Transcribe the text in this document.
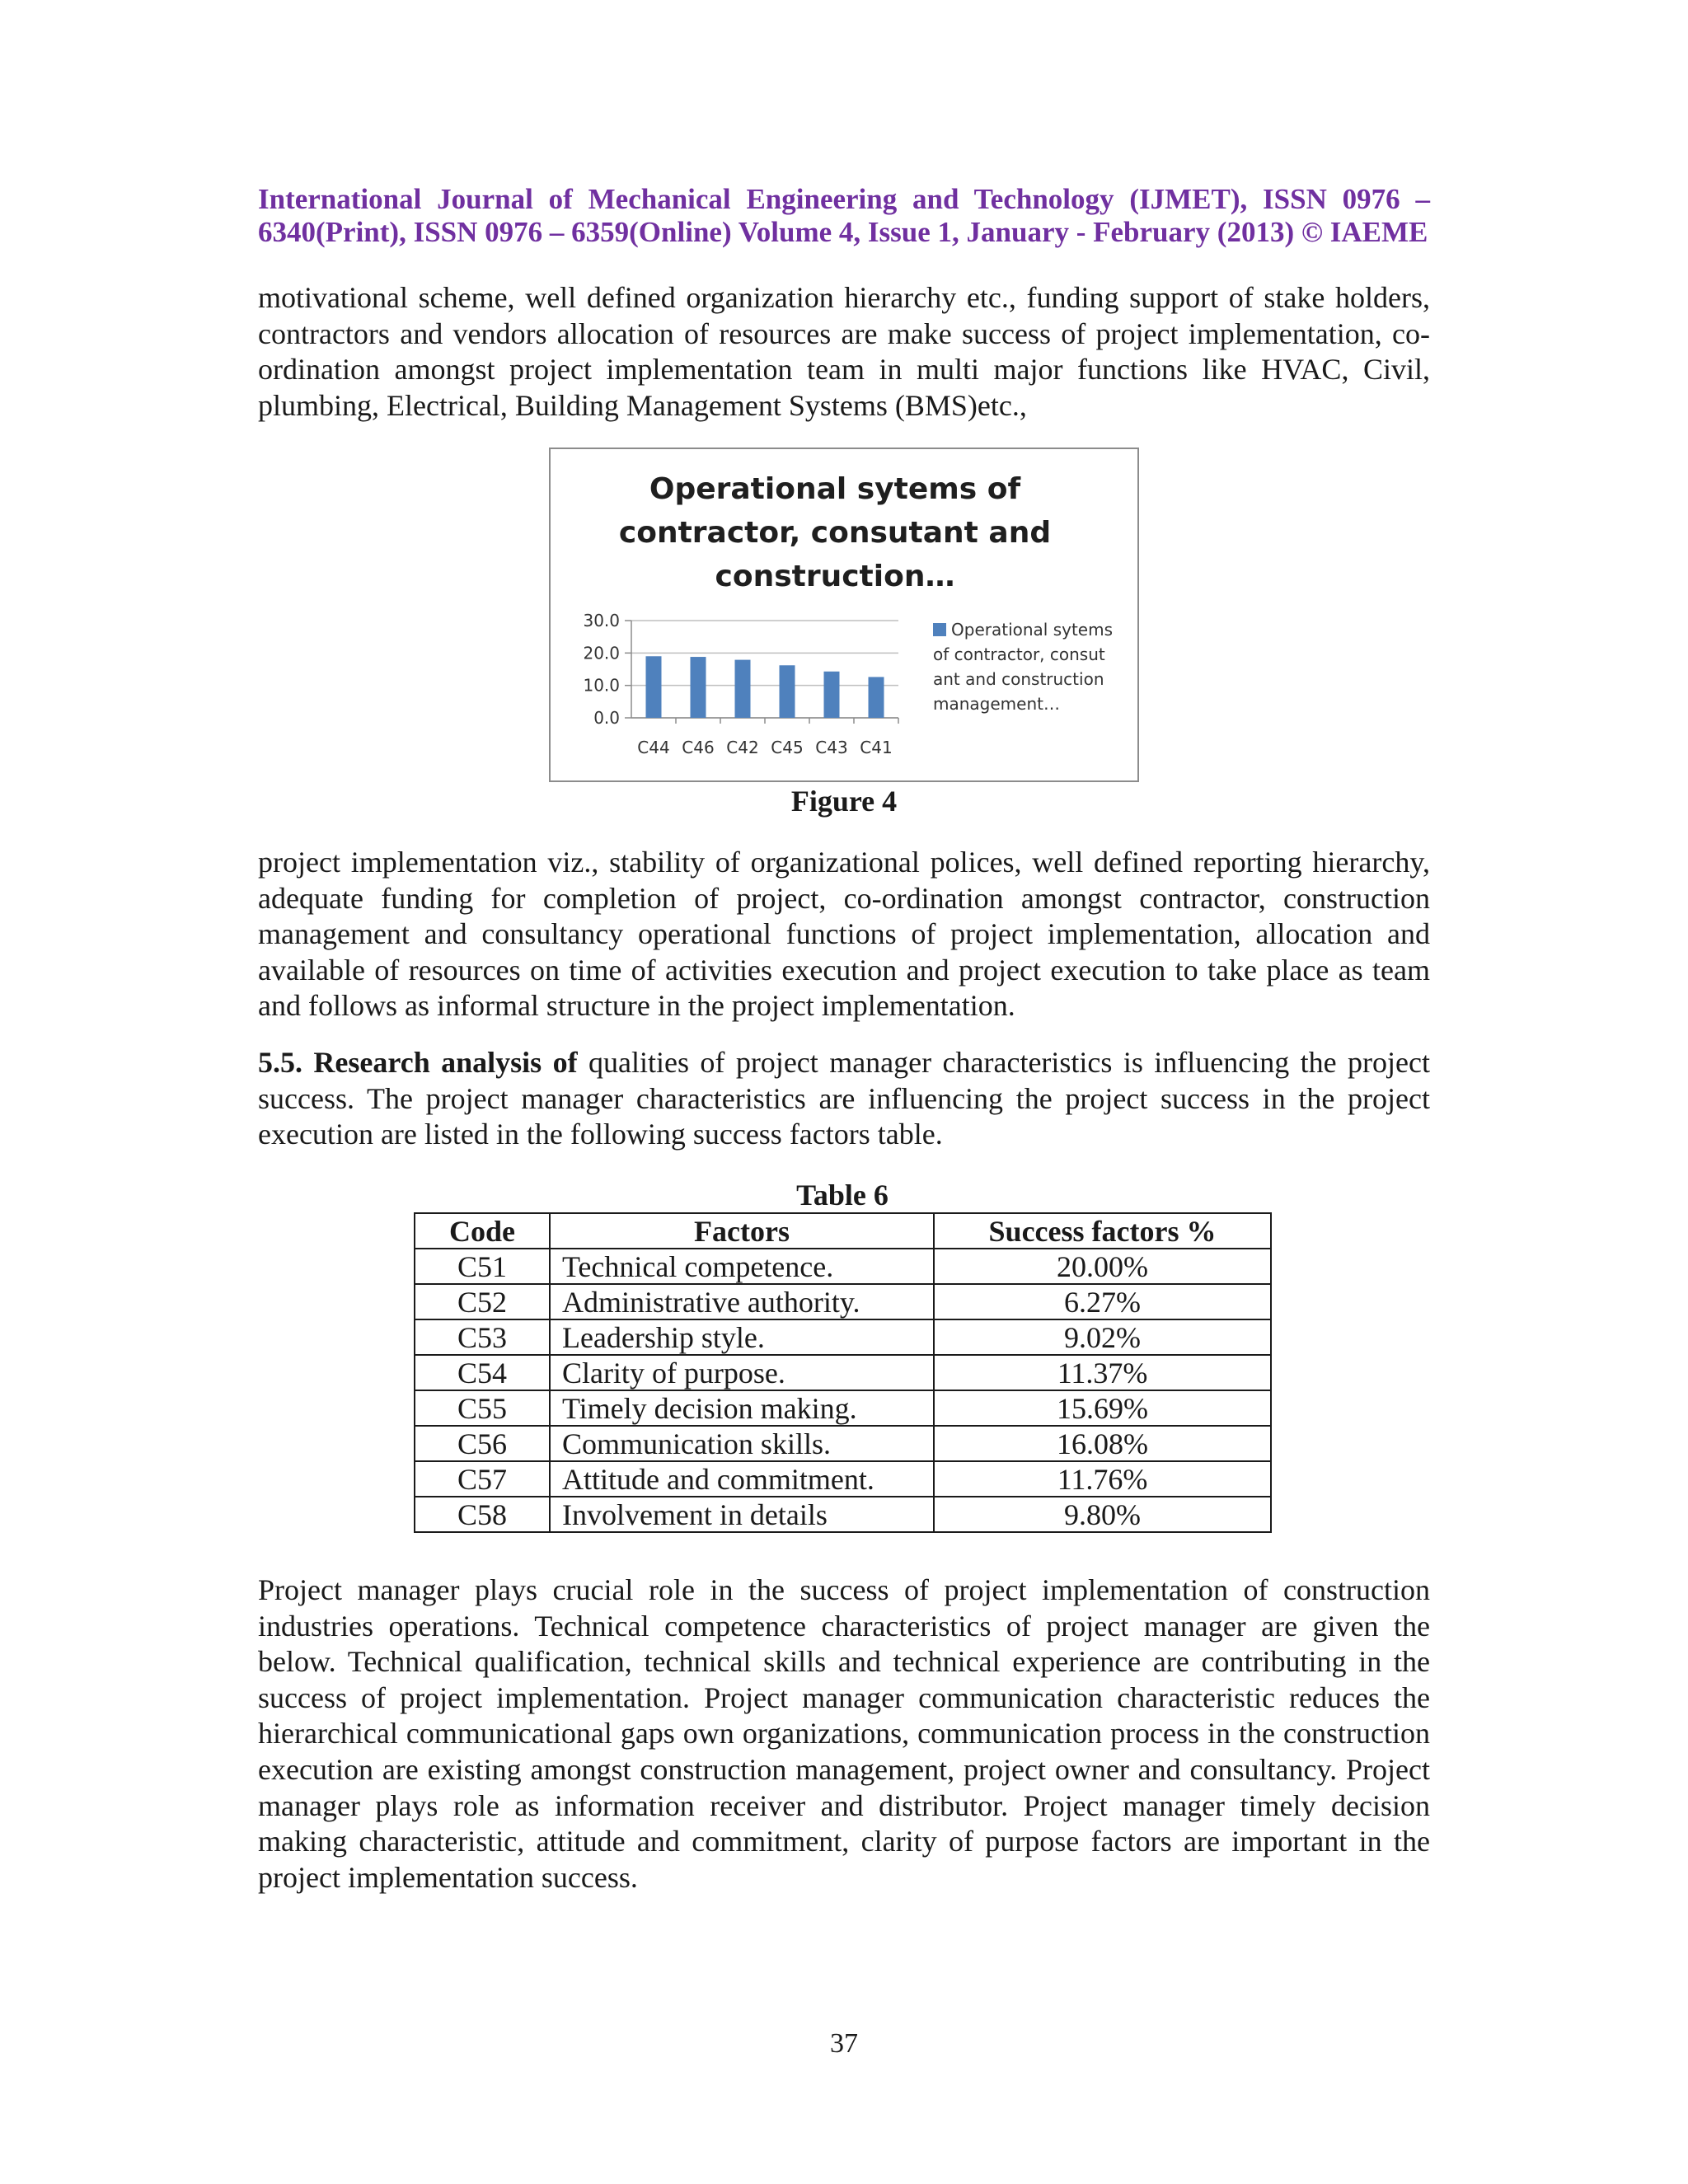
International Journal of Mechanical Engineering and Technology (IJMET), ISSN 0976 –
6340(Print), ISSN 0976 – 6359(Online) Volume 4, Issue 1, January - February (2013) © IAEME
motivational scheme, well defined organization hierarchy etc., funding support of stake holders, contractors and vendors allocation of resources are make success of project implementation, co-ordination amongst project implementation team in multi major functions like HVAC, Civil, plumbing, Electrical, Building Management Systems (BMS)etc.,
Operational sytems of contractor, consutant and construction…
30.0
20.0
10.0
0.0
C44 C46 C42 C45 C43 C41
Operational sytems of contractor, consut ant and construction management…
Figure 4
project implementation viz., stability of organizational polices, well defined reporting hierarchy, adequate funding for completion of project, co-ordination amongst contractor, construction management and consultancy operational functions of project implementation, allocation and available of resources on time of activities execution and project execution to take place as team and follows as informal structure in the project implementation.
5.5. Research analysis of qualities of project manager characteristics is influencing the project success. The project manager characteristics are influencing the project success in the project execution are listed in the following success factors table.
Table 6
Code	Factors	Success factors %
C51	Technical competence.	20.00%
C52	Administrative authority.	6.27%
C53	Leadership style.	9.02%
C54	Clarity of purpose.	11.37%
C55	Timely decision making.	15.69%
C56	Communication skills.	16.08%
C57	Attitude and commitment.	11.76%
C58	Involvement in details	9.80%
Project manager plays crucial role in the success of project implementation of construction industries operations. Technical competence characteristics of project manager are given the below. Technical qualification, technical skills and technical experience are contributing in the success of project implementation. Project manager communication characteristic reduces the hierarchical communicational gaps own organizations, communication process in the construction execution are existing amongst construction management, project owner and consultancy. Project manager plays role as information receiver and distributor. Project manager timely decision making characteristic, attitude and commitment, clarity of purpose factors are important in the project implementation success.
37
